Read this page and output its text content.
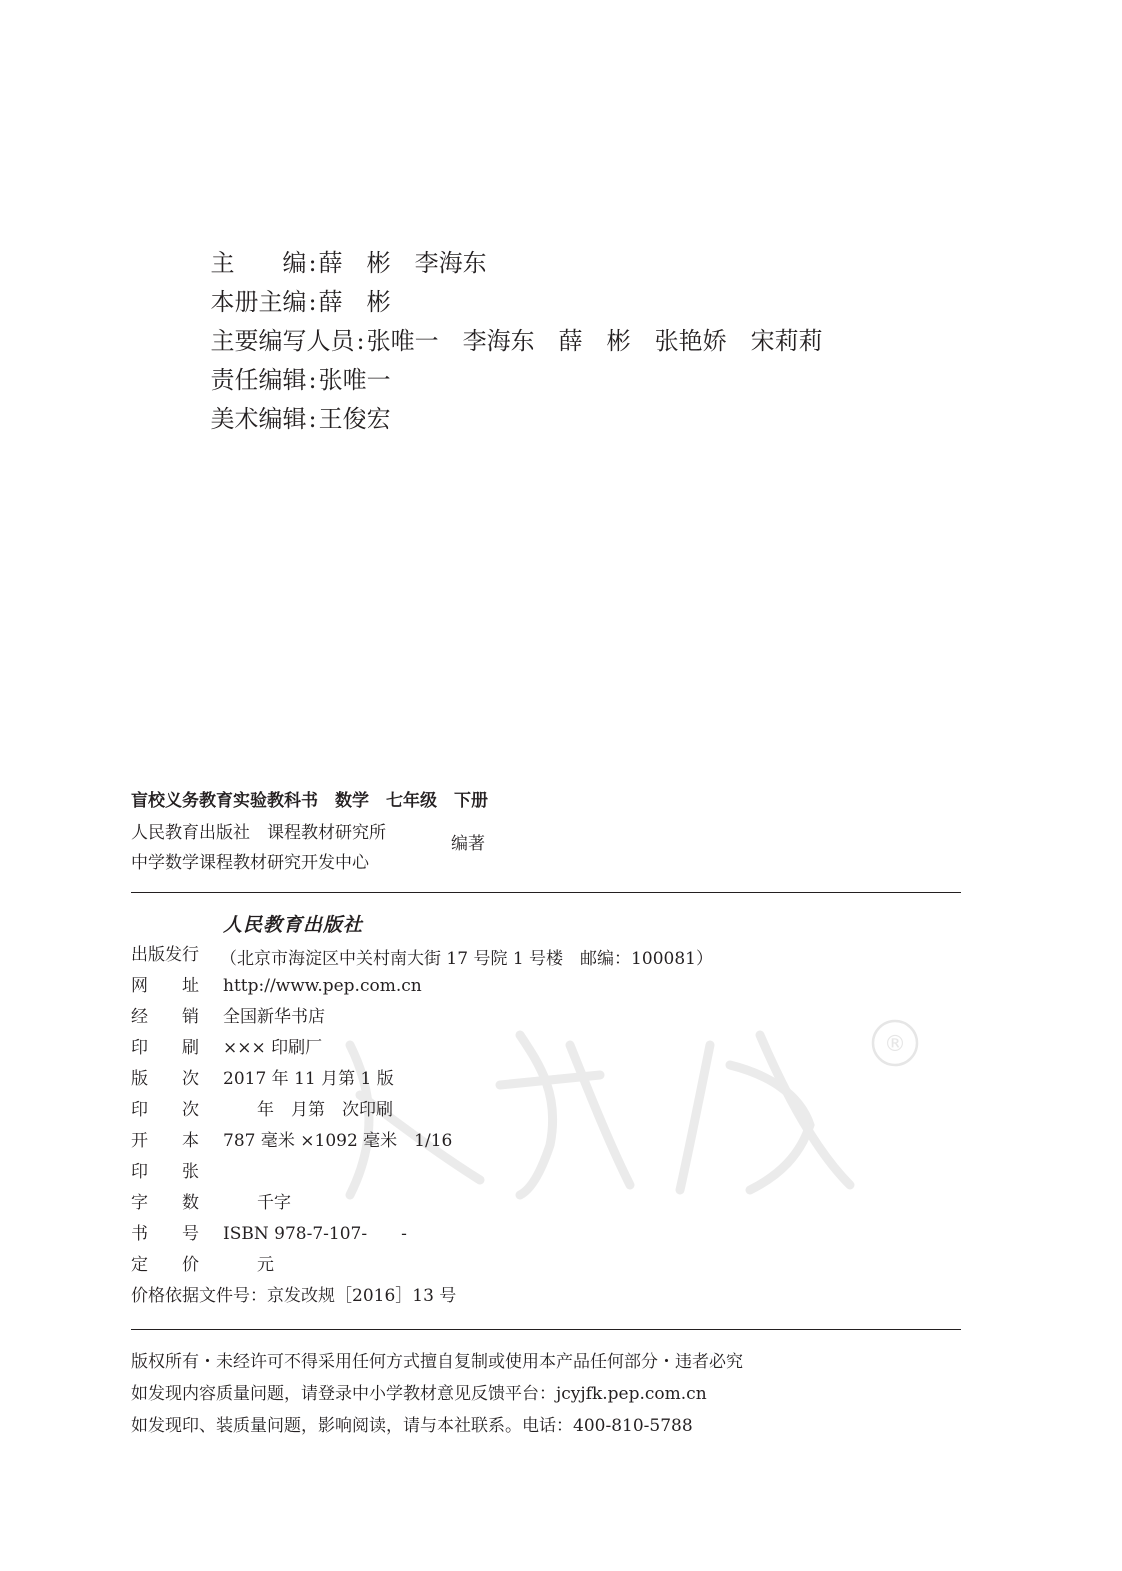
主　　编:薛　彬　李海东

本册主编:薛　彬

主要编写人员:张唯一　李海东　薛　彬　张艳娇　宋莉莉

责任编辑:张唯一

美术编辑:王俊宏

盲校义务教育实验教科书　数学　七年级　下册
人民教育出版社　课程教材研究所
中学数学课程教材研究开发中心
编著
®

出版发行

人民教育出版社

（北京市海淀区中关村南大街 17 号院 1 号楼　邮编：100081）
网　　址	http://www.pep.com.cn
经　　销	全国新华书店
印　　刷	××× 印刷厂
版　　次	2017 年 11 月第 1 版
印　　次	　　年　月第　次印刷
开　　本	787 毫米 ×1092 毫米　1/16
印　　张
字　　数	　　千字
书　　号	ISBN 978-7-107-　　-
定　　价	　　元
价格依据文件号：京发改规［2016］13 号
版权所有・未经许可不得采用任何方式擅自复制或使用本产品任何部分・违者必究
如发现内容质量问题，请登录中小学教材意见反馈平台：jcyjfk.pep.com.cn
如发现印、装质量问题，影响阅读，请与本社联系。电话：400-810-5788
